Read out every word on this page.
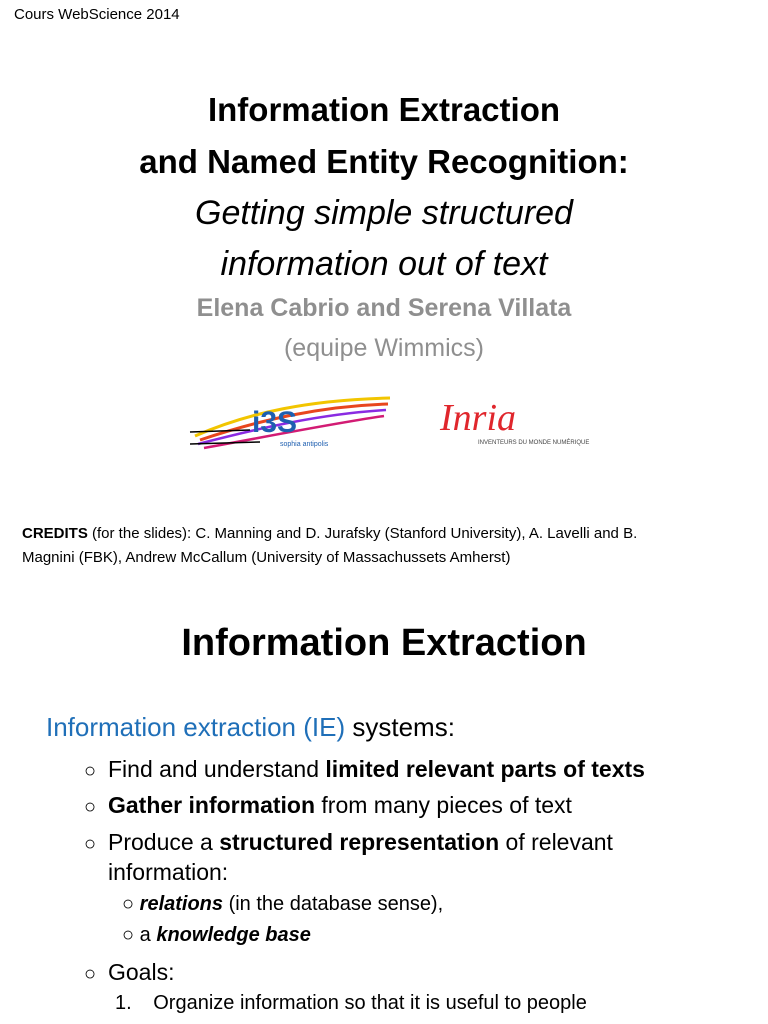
Cours WebScience 2014
Information Extraction
and Named Entity Recognition:
Getting simple structured
information out of text
Elena Cabrio and Serena Villata
(equipe Wimmics)
i3S
sophia antipolis
Inria
INVENTEURS DU MONDE NUMÉRIQUE
CREDITS (for the slides): C. Manning and D. Jurafsky (Stanford University), A. Lavelli and B.
Magnini (FBK), Andrew McCallum (University of Massachussets Amherst)
Information Extraction
Information extraction (IE) systems:
○ Find and understand limited relevant parts of texts
○ Gather information from many pieces of text
○ Produce a structured representation of relevant
information:
○ relations (in the database sense),
○ a knowledge base
○ Goals:
1. Organize information so that it is useful to people
